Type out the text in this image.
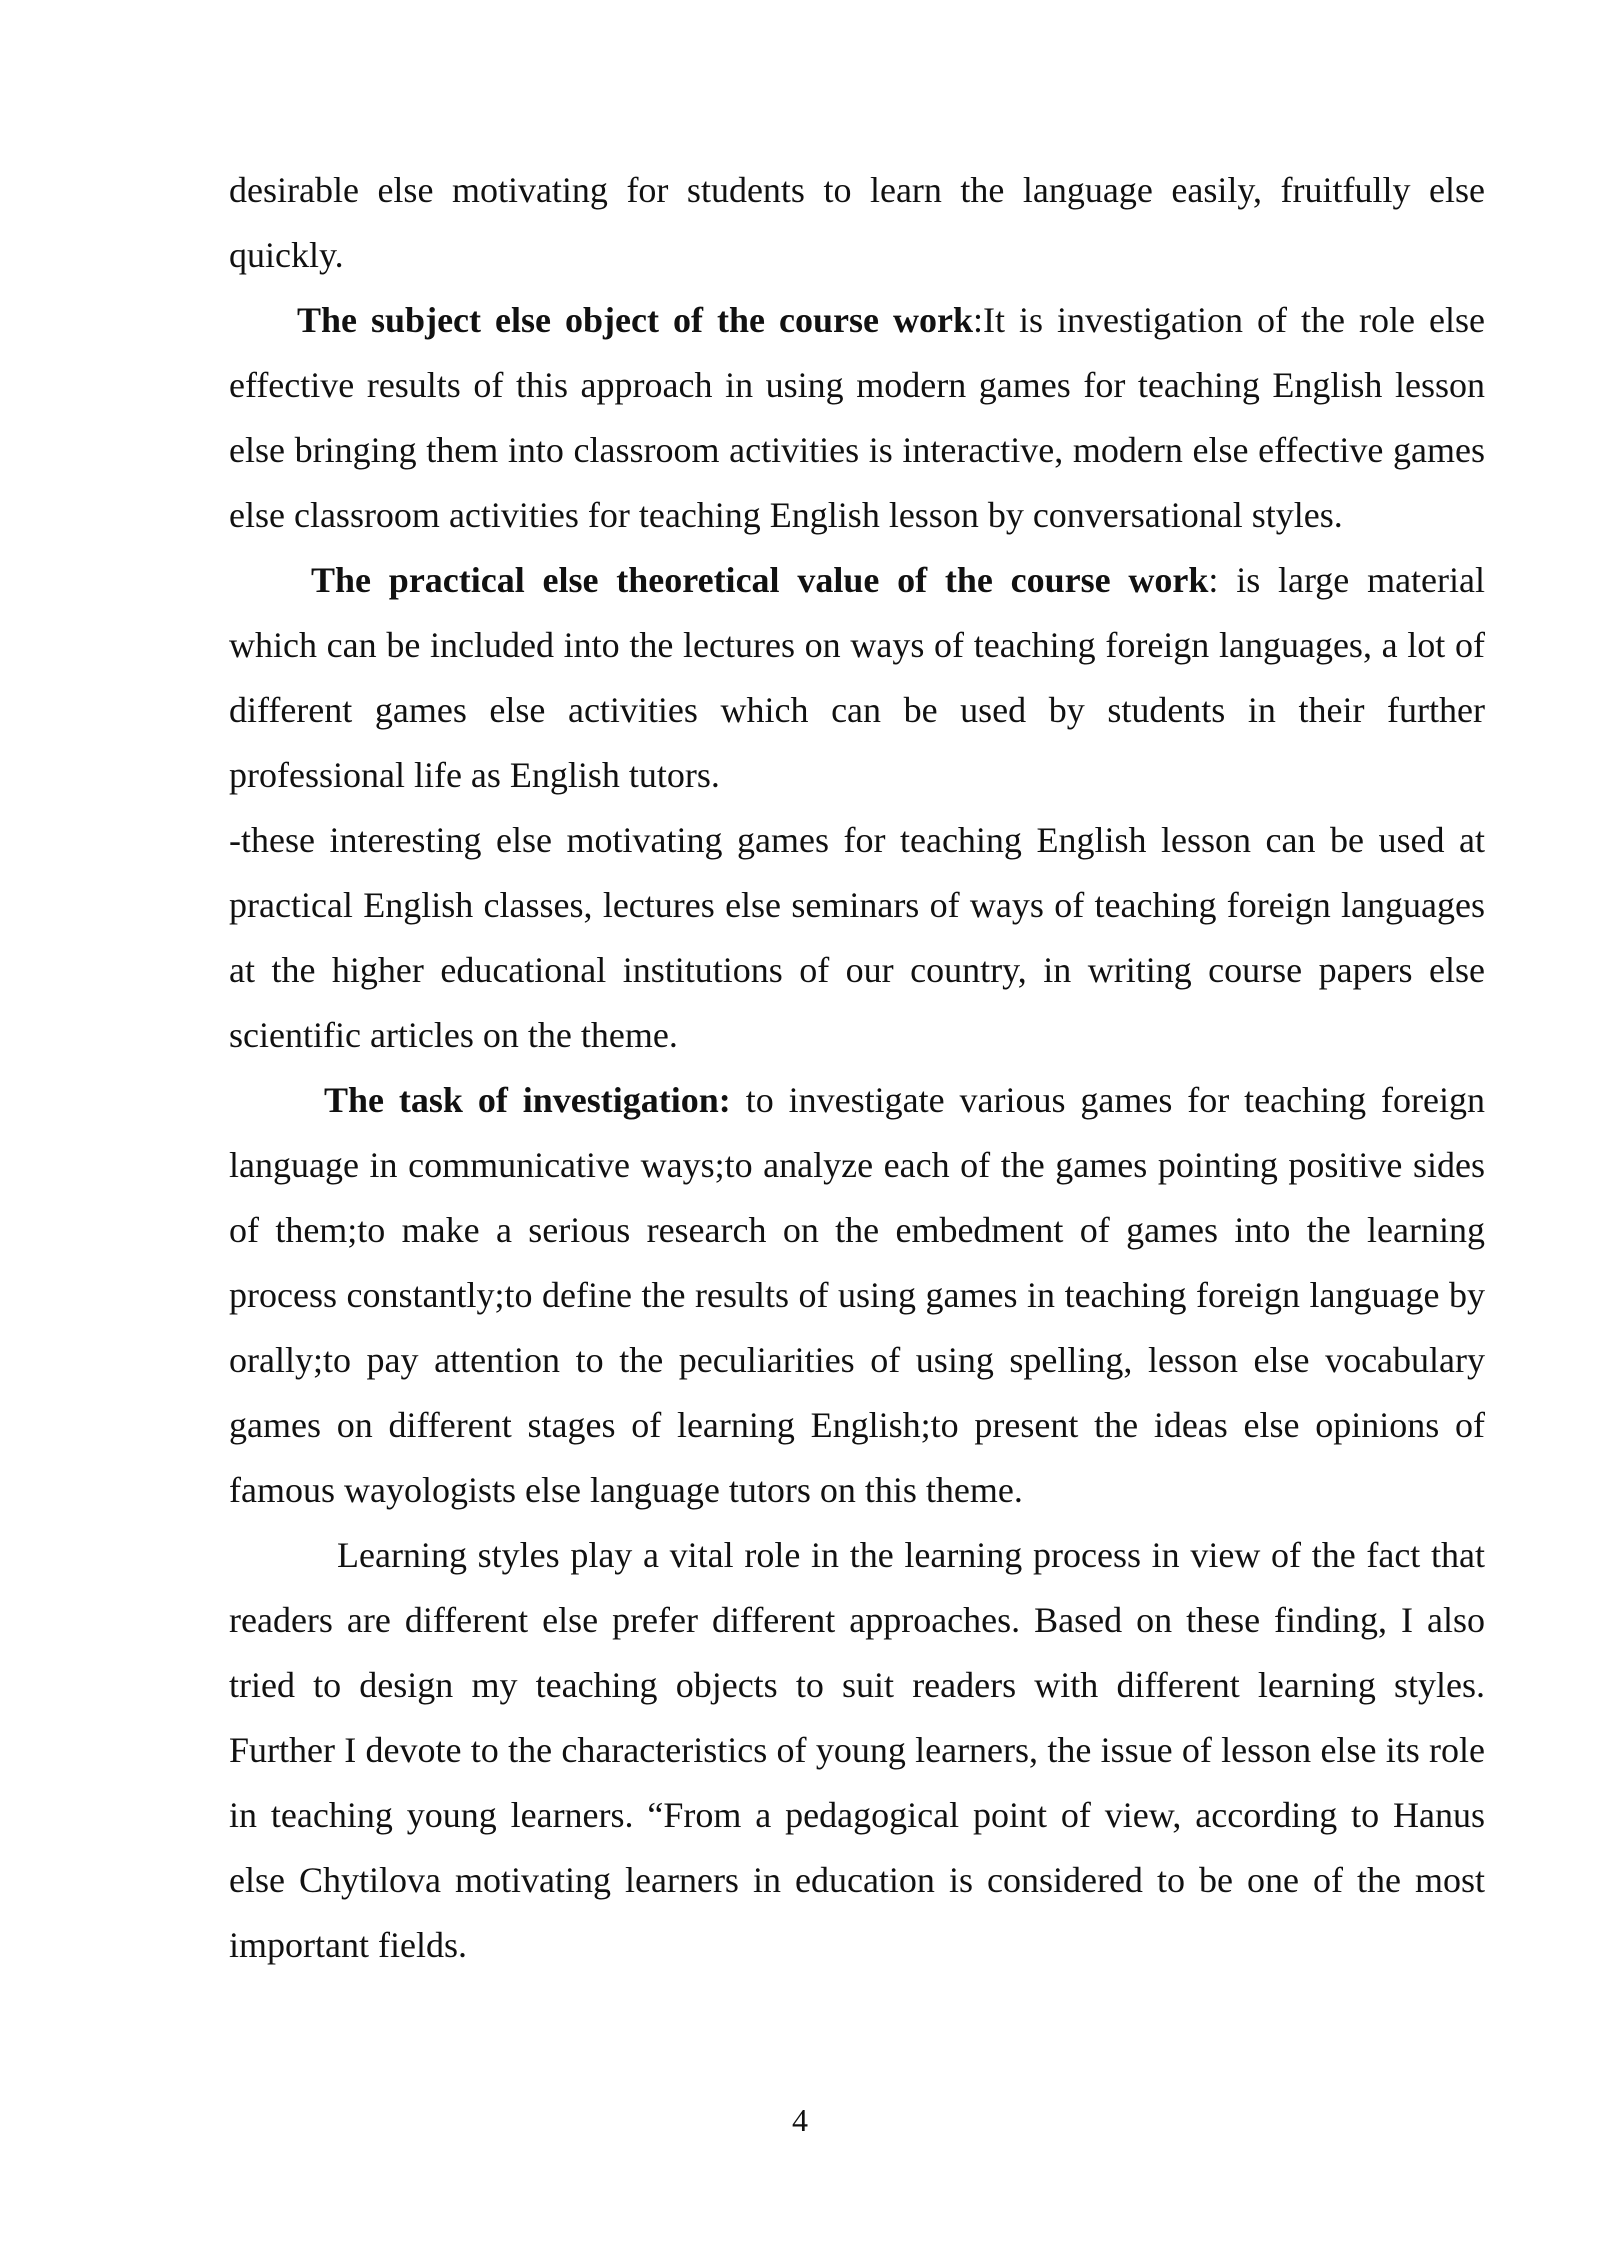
desirable else motivating for students to learn the language easily, fruitfully else quickly.

The subject else object of the course work:It is investigation of the role else effective results of this approach in using modern games for teaching English lesson else bringing them into classroom activities is interactive, modern else effective games else classroom activities for teaching English lesson by conversational styles.

The practical else theoretical value of the course work: is large material which can be included into the lectures on ways of teaching foreign languages, a lot of different games else activities which can be used by students in their further professional life as English tutors.

-these interesting else motivating games for teaching English lesson can be used at practical English classes, lectures else seminars of ways of teaching foreign languages at the higher educational institutions of our country, in writing course papers else scientific articles on the theme.

The task of investigation: to investigate various games for teaching foreign language in communicative ways;to analyze each of the games pointing positive sides of them;to make a serious research on the embedment of games into the learning process constantly;to define the results of using games in teaching foreign language by orally;to pay attention to the peculiarities of using spelling, lesson else vocabulary games on different stages of learning English;to present the ideas else opinions of famous wayologists else language tutors on this theme.

Learning styles play a vital role in the learning process in view of the fact that readers are different else prefer different approaches. Based on these finding, I also tried to design my teaching objects to suit readers with different learning styles. Further I devote to the characteristics of young learners, the issue of lesson else its role in teaching young learners. “From a pedagogical point of view, according to Hanus else Chytilova motivating learners in education is considered to be one of the most important fields.

4
